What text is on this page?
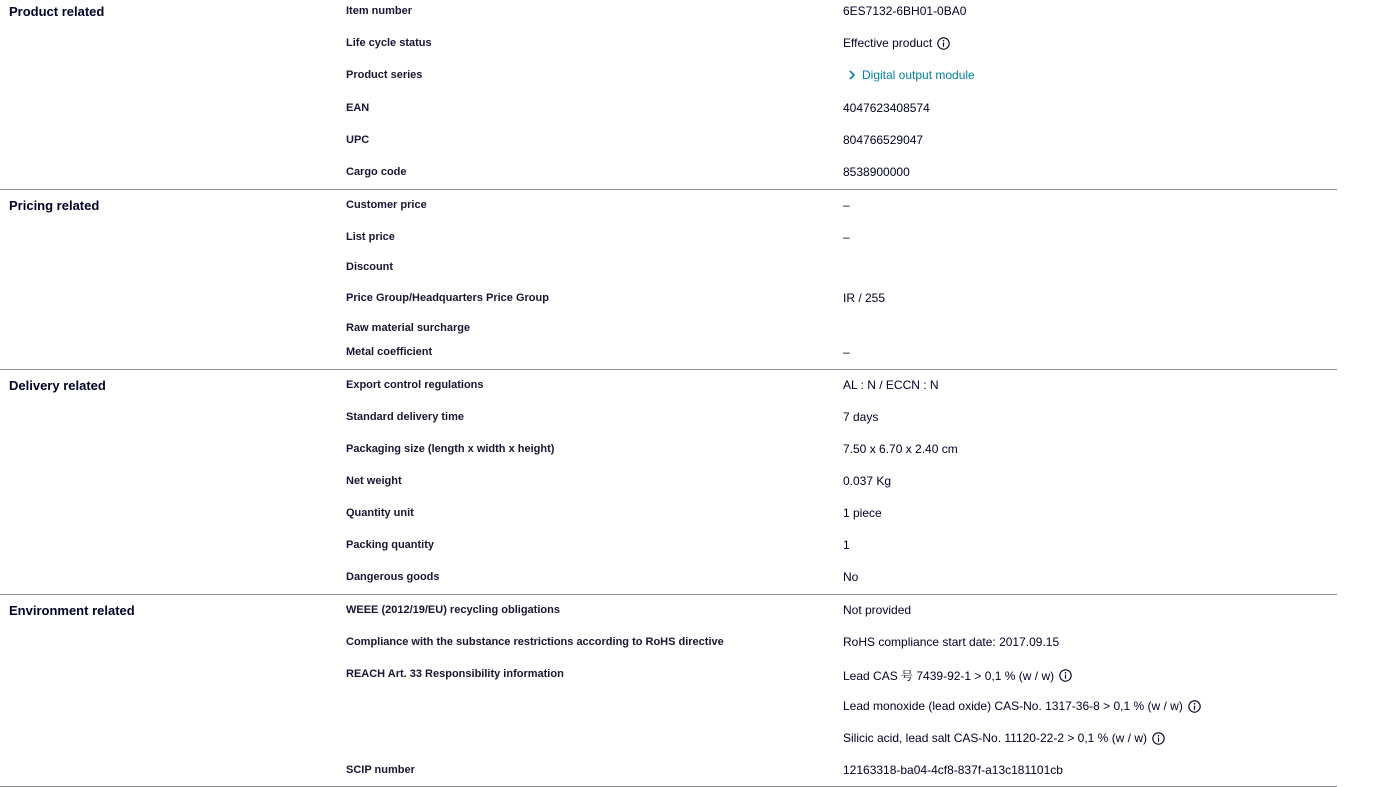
Product related	Item number	6ES7132-6BH01-0BA0
Life cycle status	Effective product
Product series	Digital output module
EAN	4047623408574
UPC	804766529047
Cargo code	8538900000
Pricing related	Customer price	–
List price	–
Discount
Price Group/Headquarters Price Group	IR / 255
Raw material surcharge
Metal coefficient	–
Delivery related	Export control regulations	AL : N / ECCN : N
Standard delivery time	7 days
Packaging size (length x width x height)	7.50 x 6.70 x 2.40 cm
Net weight	0.037 Kg
Quantity unit	1 piece
Packing quantity	1
Dangerous goods	No
Environment related	WEEE (2012/19/EU) recycling obligations	Not provided
Compliance with the substance restrictions according to RoHS directive	RoHS compliance start date: 2017.09.15
REACH Art. 33 Responsibility information	Lead CAS 号 7439-92-1 > 0,1 % (w / w)
Lead monoxide (lead oxide) CAS-No. 1317-36-8 > 0,1 % (w / w)
Silicic acid, lead salt CAS-No. 11120-22-2 > 0,1 % (w / w)
SCIP number	12163318-ba04-4cf8-837f-a13c181101cb
